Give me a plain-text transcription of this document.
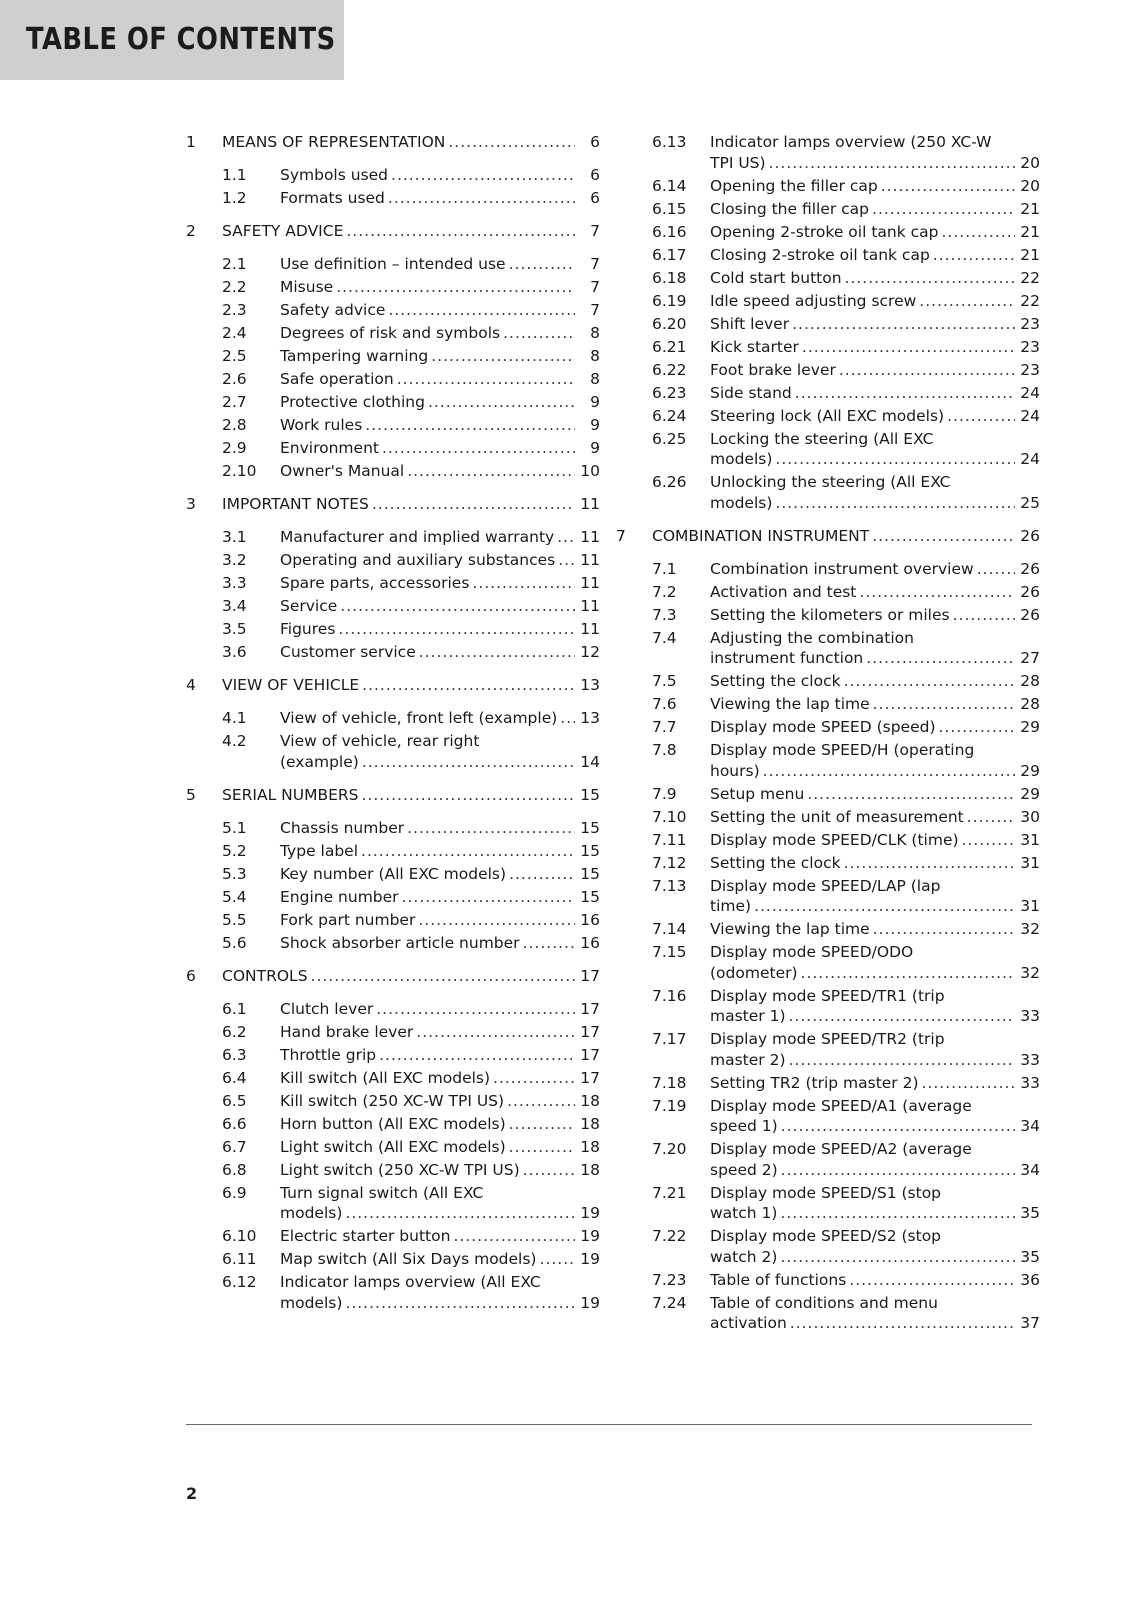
TABLE OF CONTENTS
1 MEANS OF REPRESENTATION .....	6
1.1 Symbols used .....	6
1.2 Formats used .....	6
2 SAFETY ADVICE .....	7
2.1 Use definition – intended use .....	7
2.2 Misuse .....	7
2.3 Safety advice .....	7
2.4 Degrees of risk and symbols .....	8
2.5 Tampering warning .....	8
2.6 Safe operation .....	8
2.7 Protective clothing .....	9
2.8 Work rules .....	9
2.9 Environment .....	9
2.10 Owner's Manual .....	10
3 IMPORTANT NOTES .....	11
3.1 Manufacturer and implied warranty ..... 11
3.2 Operating and auxiliary substances ..... 11
3.3 Spare parts, accessories .....	11
3.4 Service .....	11
3.5 Figures .....	11
3.6 Customer service .....	12
4 VIEW OF VEHICLE .....	13
4.1 View of vehicle, front left (example) ..... 13
4.2 View of vehicle, rear right
(example) .....	14
5 SERIAL NUMBERS .....	15
5.1 Chassis number .....	15
5.2 Type label .....	15
5.3 Key number (All EXC models) .....	15
5.4 Engine number .....	15
5.5 Fork part number .....	16
5.6 Shock absorber article number .....	16
6 CONTROLS .....	17
6.1 Clutch lever .....	17
6.2 Hand brake lever .....	17
6.3 Throttle grip .....	17
6.4 Kill switch (All EXC models) .....	17
6.5 Kill switch (250 XC-W TPI US) .....	18
6.6 Horn button (All EXC models) .....	18
6.7 Light switch (All EXC models) .....	18
6.8 Light switch (250 XC-W TPI US) .....	18
6.9 Turn signal switch (All EXC
models) .....	19
6.10 Electric starter button .....	19
6.11 Map switch (All Six Days models) .....	19
6.12 Indicator lamps overview (All EXC
models) .....	19
6.13 Indicator lamps overview (250 XC-W
TPI US) .....	20
6.14 Opening the filler cap .....	20
6.15 Closing the filler cap .....	21
6.16 Opening 2-stroke oil tank cap .....	21
6.17 Closing 2-stroke oil tank cap .....	21
6.18 Cold start button .....	22
6.19 Idle speed adjusting screw .....	22
6.20 Shift lever .....	23
6.21 Kick starter .....	23
6.22 Foot brake lever .....	23
6.23 Side stand .....	24
6.24 Steering lock (All EXC models) .....	24
6.25 Locking the steering (All EXC
models) .....	24
6.26 Unlocking the steering (All EXC
models) .....	25
7 COMBINATION INSTRUMENT .....	26
7.1 Combination instrument overview .....	26
7.2 Activation and test .....	26
7.3 Setting the kilometers or miles .....	26
7.4 Adjusting the combination
instrument function .....	27
7.5 Setting the clock .....	28
7.6 Viewing the lap time .....	28
7.7 Display mode SPEED (speed) .....	29
7.8 Display mode SPEED/H (operating
hours) .....	29
7.9 Setup menu .....	29
7.10 Setting the unit of measurement .....	30
7.11 Display mode SPEED/CLK (time) .....	31
7.12 Setting the clock .....	31
7.13 Display mode SPEED/LAP (lap
time) .....	31
7.14 Viewing the lap time .....	32
7.15 Display mode SPEED/ODO
(odometer) .....	32
7.16 Display mode SPEED/TR1 (trip
master 1) .....	33
7.17 Display mode SPEED/TR2 (trip
master 2) .....	33
7.18 Setting TR2 (trip master 2) .....	33
7.19 Display mode SPEED/A1 (average
speed 1) .....	34
7.20 Display mode SPEED/A2 (average
speed 2) .....	34
7.21 Display mode SPEED/S1 (stop
watch 1) .....	35
7.22 Display mode SPEED/S2 (stop
watch 2) .....	35
7.23 Table of functions .....	36
7.24 Table of conditions and menu
activation .....	37
2
